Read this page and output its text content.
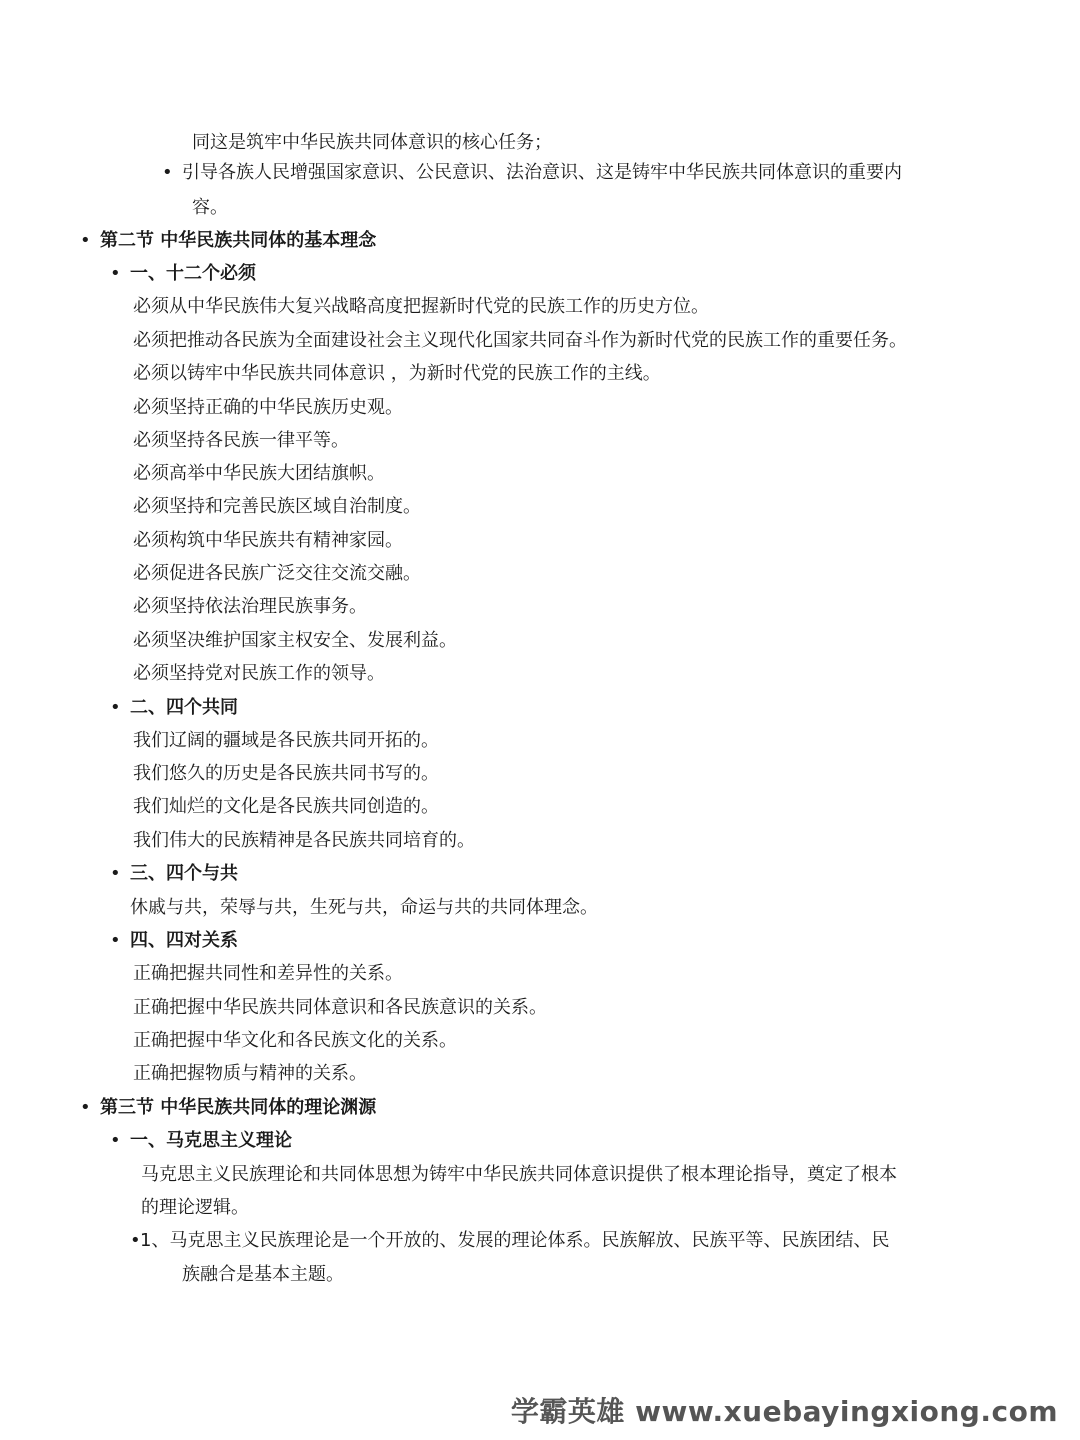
同这是筑牢中华民族共同体意识的核心任务；
• 引导各族人民增强国家意识、公民意识、法治意识、这是铸牢中华民族共同体意识的重要内
容。
• 第二节 中华民族共同体的基本理念
• 一、十二个必须
必须从中华民族伟大复兴战略高度把握新时代党的民族工作的历史方位。
必须把推动各民族为全面建设社会主义现代化国家共同奋斗作为新时代党的民族工作的重要任务。
必须以铸牢中华民族共同体意识 ，为新时代党的民族工作的主线。
必须坚持正确的中华民族历史观。
必须坚持各民族一律平等。
必须高举中华民族大团结旗帜。
必须坚持和完善民族区域自治制度。
必须构筑中华民族共有精神家园。
必须促进各民族广泛交往交流交融。
必须坚持依法治理民族事务。
必须坚决维护国家主权安全、发展利益。
必须坚持党对民族工作的领导。
• 二、四个共同
我们辽阔的疆域是各民族共同开拓的。
我们悠久的历史是各民族共同书写的。
我们灿烂的文化是各民族共同创造的。
我们伟大的民族精神是各民族共同培育的。
• 三、四个与共
休戚与共，荣辱与共，生死与共，命运与共的共同体理念。
• 四、四对关系
正确把握共同性和差异性的关系。
正确把握中华民族共同体意识和各民族意识的关系。
正确把握中华文化和各民族文化的关系。
正确把握物质与精神的关系。
• 第三节 中华民族共同体的理论渊源
• 一、马克思主义理论
马克思主义民族理论和共同体思想为铸牢中华民族共同体意识提供了根本理论指导，奠定了根本
的理论逻辑。
• 1、马克思主义民族理论是一个开放的、发展的理论体系。民族解放、民族平等、民族团结、民
族融合是基本主题。
学霸英雄 www.xuebayingxiong.com
